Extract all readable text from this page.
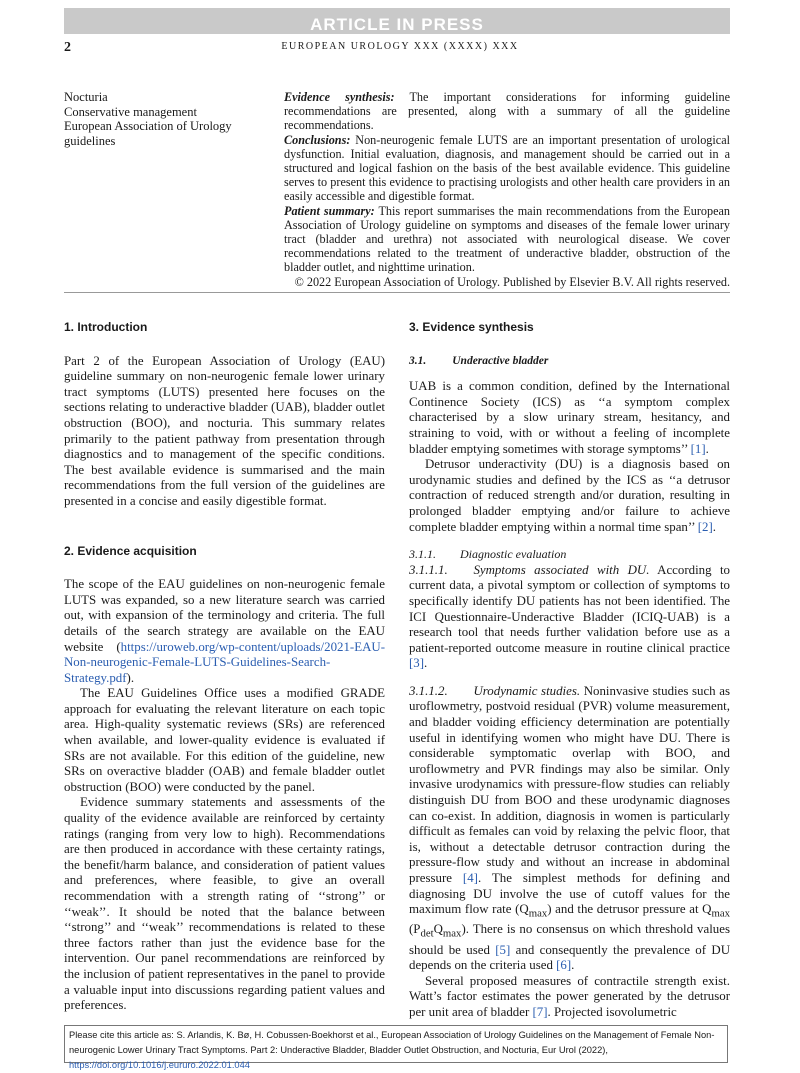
ARTICLE IN PRESS
2	EUROPEAN UROLOGY XXX (XXXX) XXX
Nocturia
Conservative management
European Association of Urology guidelines

Evidence synthesis: The important considerations for informing guideline recommendations are presented, along with a summary of all the guideline recommendations.

Conclusions: Non-neurogenic female LUTS are an important presentation of urological dysfunction. Initial evaluation, diagnosis, and management should be carried out in a structured and logical fashion on the basis of the best available evidence. This guideline serves to present this evidence to practising urologists and other health care providers in an easily accessible and digestible format.

Patient summary: This report summarises the main recommendations from the European Association of Urology guideline on symptoms and diseases of the female lower urinary tract (bladder and urethra) not associated with neurological disease. We cover recommendations related to the treatment of underactive bladder, obstruction of the bladder outlet, and nighttime urination.

© 2022 European Association of Urology. Published by Elsevier B.V. All rights reserved.

1. Introduction

Part 2 of the European Association of Urology (EAU) guideline summary on non-neurogenic female lower urinary tract symptoms (LUTS) presented here focuses on the sections relating to underactive bladder (UAB), bladder outlet obstruction (BOO), and nocturia. This summary relates primarily to the patient pathway from presentation through diagnostics and to management of the specific conditions. The best available evidence is summarised and the main recommendations from the full version of the guidelines are presented in a concise and easily digestible format.

2. Evidence acquisition

The scope of the EAU guidelines on non-neurogenic female LUTS was expanded, so a new literature search was carried out, with expansion of the terminology and criteria. The full details of the search strategy are available on the EAU website (https://uroweb.org/wp-content/uploads/2021-EAU-Non-neurogenic-Female-LUTS-Guidelines-Search-Strategy.pdf).

The EAU Guidelines Office uses a modified GRADE approach for evaluating the relevant literature on each topic area. High-quality systematic reviews (SRs) are referenced when available, and lower-quality evidence is evaluated if SRs are not available. For this edition of the guideline, new SRs on overactive bladder (OAB) and female bladder outlet obstruction (BOO) were conducted by the panel.

Evidence summary statements and assessments of the quality of the evidence available are reinforced by certainty ratings (ranging from very low to high). Recommendations are then produced in accordance with these certainty ratings, the benefit/harm balance, and consideration of patient values and preferences, where feasible, to give an overall recommendation with a strength rating of ‘‘strong’’ or ‘‘weak’’. It should be noted that the balance between ‘‘strong’’ and ‘‘weak’’ recommendations is related to these three factors rather than just the evidence base for the intervention. Our panel recommendations are reinforced by the inclusion of patient representatives in the panel to provide a valuable input into discussions regarding patient values and preferences.

3. Evidence synthesis
3.1. Underactive bladder

UAB is a common condition, defined by the International Continence Society (ICS) as ‘‘a symptom complex characterised by a slow urinary stream, hesitancy, and straining to void, with or without a feeling of incomplete bladder emptying sometimes with storage symptoms’’ [1].

Detrusor underactivity (DU) is a diagnosis based on urodynamic studies and defined by the ICS as ‘‘a detrusor contraction of reduced strength and/or duration, resulting in prolonged bladder emptying and/or failure to achieve complete bladder emptying within a normal time span’’ [2].

3.1.1.  Diagnostic evaluation

3.1.1.1.  Symptoms associated with DU. According to current data, a pivotal symptom or collection of symptoms to specifically identify DU patients has not been identified. The ICI Questionnaire-Underactive Bladder (ICIQ-UAB) is a research tool that needs further validation before use as a patient-reported outcome measure in routine clinical practice [3].

3.1.1.2.  Urodynamic studies. Noninvasive studies such as uroflowmetry, postvoid residual (PVR) volume measurement, and bladder voiding efficiency determination are potentially useful in identifying women who might have DU. There is considerable symptomatic overlap with BOO, and uroflowmetry and PVR findings may also be similar. Only invasive urodynamics with pressure-flow studies can reliably distinguish DU from BOO and these urodynamic diagnoses can co-exist. In addition, diagnosis in women is particularly difficult as females can void by relaxing the pelvic floor, that is, without a detectable detrusor contraction during the pressure-flow study and without an increase in abdominal pressure [4]. The simplest methods for defining and diagnosing DU involve the use of cutoff values for the maximum flow rate $(Q_{max})$ and the detrusor pressure at $Q_{max}$ $(P_{det}Q_{max})$. There is no consensus on which threshold values should be used [5] and consequently the prevalence of DU depends on the criteria used [6].

Several proposed measures of contractile strength exist. Watt’s factor estimates the power generated by the detrusor per unit area of bladder [7]. Projected isovolumetric

Please cite this article as: S. Arlandis, K. Bø, H. Cobussen-Boekhorst et al., European Association of Urology Guidelines on the Management of Female Non-neurogenic Lower Urinary Tract Symptoms. Part 2: Underactive Bladder, Bladder Outlet Obstruction, and Nocturia, Eur Urol (2022), https://doi.org/10.1016/j.eururo.2022.01.044
